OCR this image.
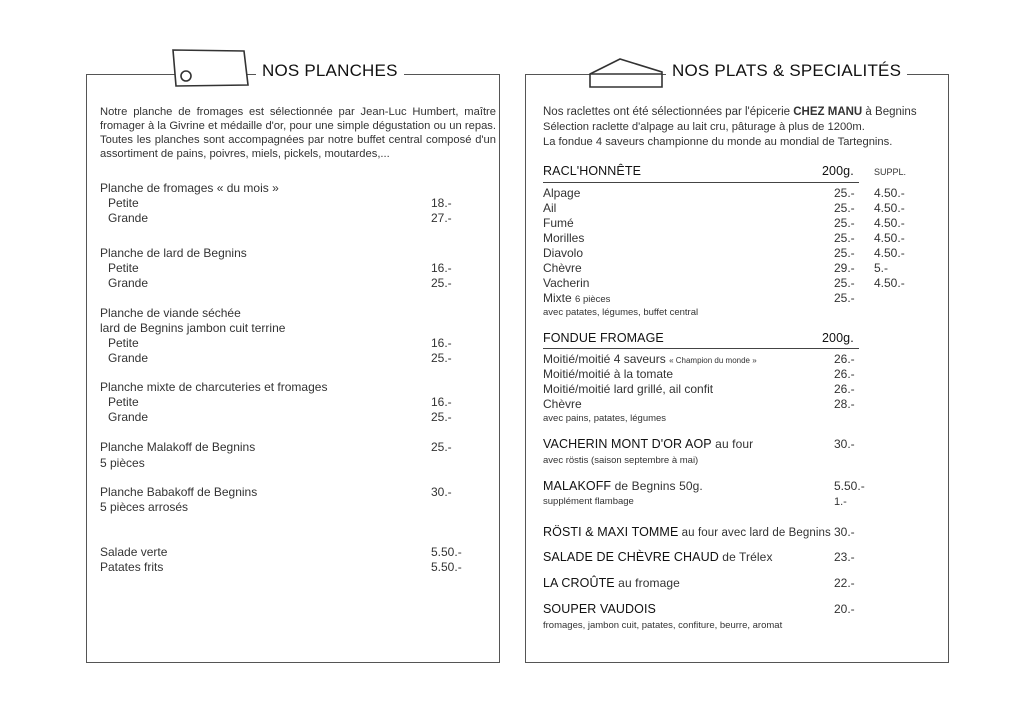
NOS PLANCHES
Notre planche de fromages est sélectionnée par Jean-Luc Humbert, maître fromager à la Givrine et médaille d'or, pour une simple dégustation ou un repas. Toutes les planches sont accompagnées par notre buffet central composé d'un assortiment de pains, poivres, miels, pickels, moutardes,...
Planche de fromages « du mois »
Petite	18.-
Grande	27.-
Planche de lard de Begnins
Petite	16.-
Grande	25.-
Planche de viande séchée
lard de Begnins jambon cuit terrine
Petite	16.-
Grande	25.-
Planche mixte de charcuteries et fromages
Petite	16.-
Grande	25.-
Planche Malakoff de Begnins	25.-
5 pièces
Planche Babakoff de Begnins	30.-
5 pièces arrosés
Salade verte	5.50.-
Patates frits	5.50.-
NOS PLATS & SPECIALITÉS
Nos raclettes ont été sélectionnées par l'épicerie CHEZ MANU à Begnins
Sélection raclette d'alpage au lait cru, pâturage à plus de 1200m.
La fondue 4 saveurs championne du monde au mondial de Tartegnins.
RACL'HONNÊTE	200g. SUPPL.
Alpage	25.- 4.50.-
Ail	25.- 4.50.-
Fumé	25.- 4.50.-
Morilles	25.- 4.50.-
Diavolo	25.- 4.50.-
Chèvre	29.- 5.-
Vacherin	25.- 4.50.-
Mixte 6 pièces	25.-
avec patates, légumes, buffet central
FONDUE FROMAGE	200g.
Moitié/moitié 4 saveurs « Champion du monde »	26.-
Moitié/moitié à la tomate	26.-
Moitié/moitié lard grillé, ail confit	26.-
Chèvre	28.-
avec pains, patates, légumes
VACHERIN MONT D'OR AOP au four	30.-
avec röstis (saison septembre à mai)
MALAKOFF de Begnins 50g.	5.50.-
supplément flambage	1.-
RÖSTI & MAXI TOMME au four avec lard de Begnins 30.-
SALADE DE CHÈVRE CHAUD de Trélex	23.-
LA CROÛTE au fromage	22.-
SOUPER VAUDOIS	20.-
fromages, jambon cuit, patates, confiture, beurre, aromat
